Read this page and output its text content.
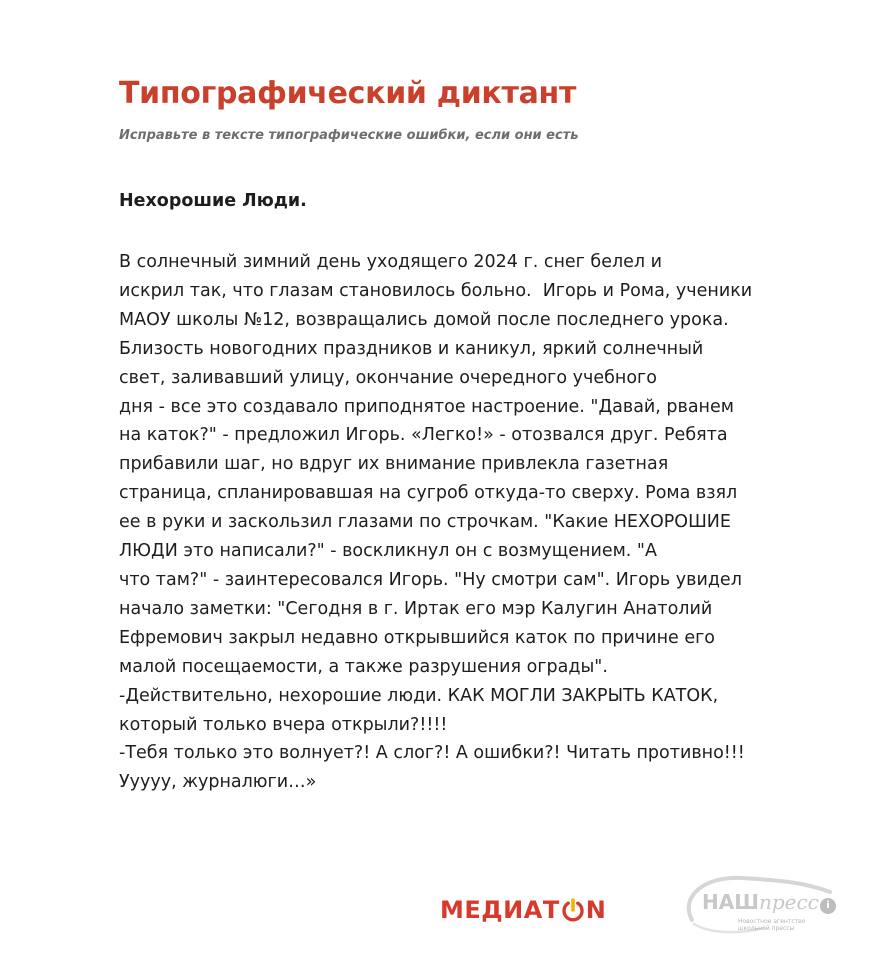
Типографический диктант
Исправьте в тексте типографические ошибки, если они есть
Нехорошие Люди.
В солнечный зимний день уходящего 2024 г. снег белел и
искрил так, что глазам становилось больно.  Игорь и Рома, ученики
МАОУ школы №12, возвращались домой после последнего урока.
Близость новогодних праздников и каникул, яркий солнечный
свет, заливавший улицу, окончание очередного учебного
дня - все это создавало приподнятое настроение. "Давай, рванем
на каток?" - предложил Игорь. «Легко!» - отозвался друг. Ребята
прибавили шаг, но вдруг их внимание привлекла газетная
страница, спланировавшая на сугроб откуда-то сверху. Рома взял
ее в руки и заскользил глазами по строчкам. "Какие НЕХОРОШИЕ
ЛЮДИ это написали?" - воскликнул он с возмущением. "А
что там?" - заинтересовался Игорь. "Ну смотри сам". Игорь увидел
начало заметки: "Сегодня в г. Иртак его мэр Калугин Анатолий
Ефремович закрыл недавно открывшийся каток по причине его
малой посещаемости, а также разрушения ограды".
-Действительно, нехорошие люди. КАК МОГЛИ ЗАКРЫТЬ КАТОК,
который только вчера открыли?!!!!
-Тебя только это волнует?! А слог?! А ошибки?! Читать противно!!!
Ууууу, журналюги…»
МЕДИАТ N	НАШпресс i
Новостное агентство
школьной прессы
